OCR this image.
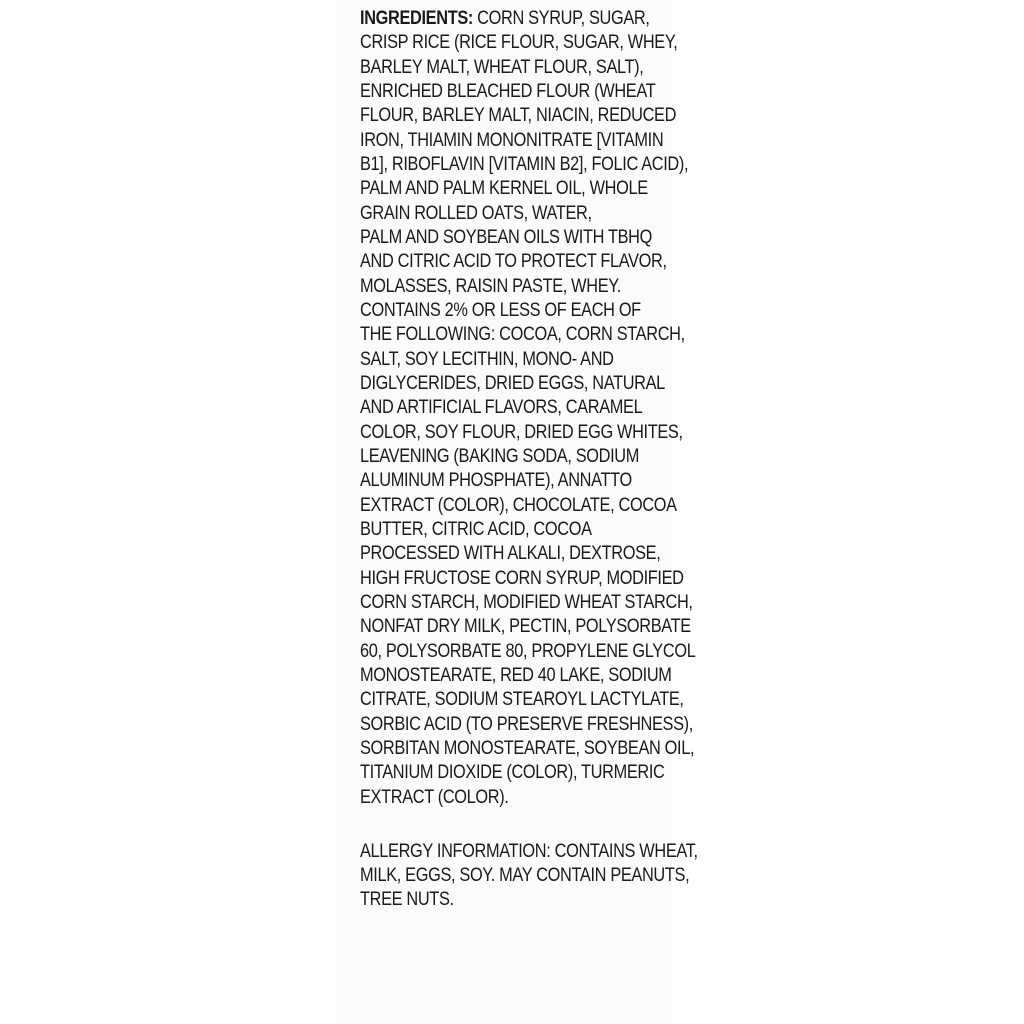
INGREDIENTS: CORN SYRUP, SUGAR,
CRISP RICE (RICE FLOUR, SUGAR, WHEY,
BARLEY MALT, WHEAT FLOUR, SALT),
ENRICHED BLEACHED FLOUR (WHEAT
FLOUR, BARLEY MALT, NIACIN, REDUCED
IRON, THIAMIN MONONITRATE [VITAMIN
B1], RIBOFLAVIN [VITAMIN B2], FOLIC ACID),
PALM AND PALM KERNEL OIL, WHOLE
GRAIN ROLLED OATS, WATER,
PALM AND SOYBEAN OILS WITH TBHQ
AND CITRIC ACID TO PROTECT FLAVOR,
MOLASSES, RAISIN PASTE, WHEY.
CONTAINS 2% OR LESS OF EACH OF
THE FOLLOWING: COCOA, CORN STARCH,
SALT, SOY LECITHIN, MONO- AND
DIGLYCERIDES, DRIED EGGS, NATURAL
AND ARTIFICIAL FLAVORS, CARAMEL
COLOR, SOY FLOUR, DRIED EGG WHITES,
LEAVENING (BAKING SODA, SODIUM
ALUMINUM PHOSPHATE), ANNATTO
EXTRACT (COLOR), CHOCOLATE, COCOA
BUTTER, CITRIC ACID, COCOA
PROCESSED WITH ALKALI, DEXTROSE,
HIGH FRUCTOSE CORN SYRUP, MODIFIED
CORN STARCH, MODIFIED WHEAT STARCH,
NONFAT DRY MILK, PECTIN, POLYSORBATE
60, POLYSORBATE 80, PROPYLENE GLYCOL
MONOSTEARATE, RED 40 LAKE, SODIUM
CITRATE, SODIUM STEAROYL LACTYLATE,
SORBIC ACID (TO PRESERVE FRESHNESS),
SORBITAN MONOSTEARATE, SOYBEAN OIL,
TITANIUM DIOXIDE (COLOR), TURMERIC
EXTRACT (COLOR).
ALLERGY INFORMATION: CONTAINS WHEAT,
MILK, EGGS, SOY. MAY CONTAIN PEANUTS,
TREE NUTS.
